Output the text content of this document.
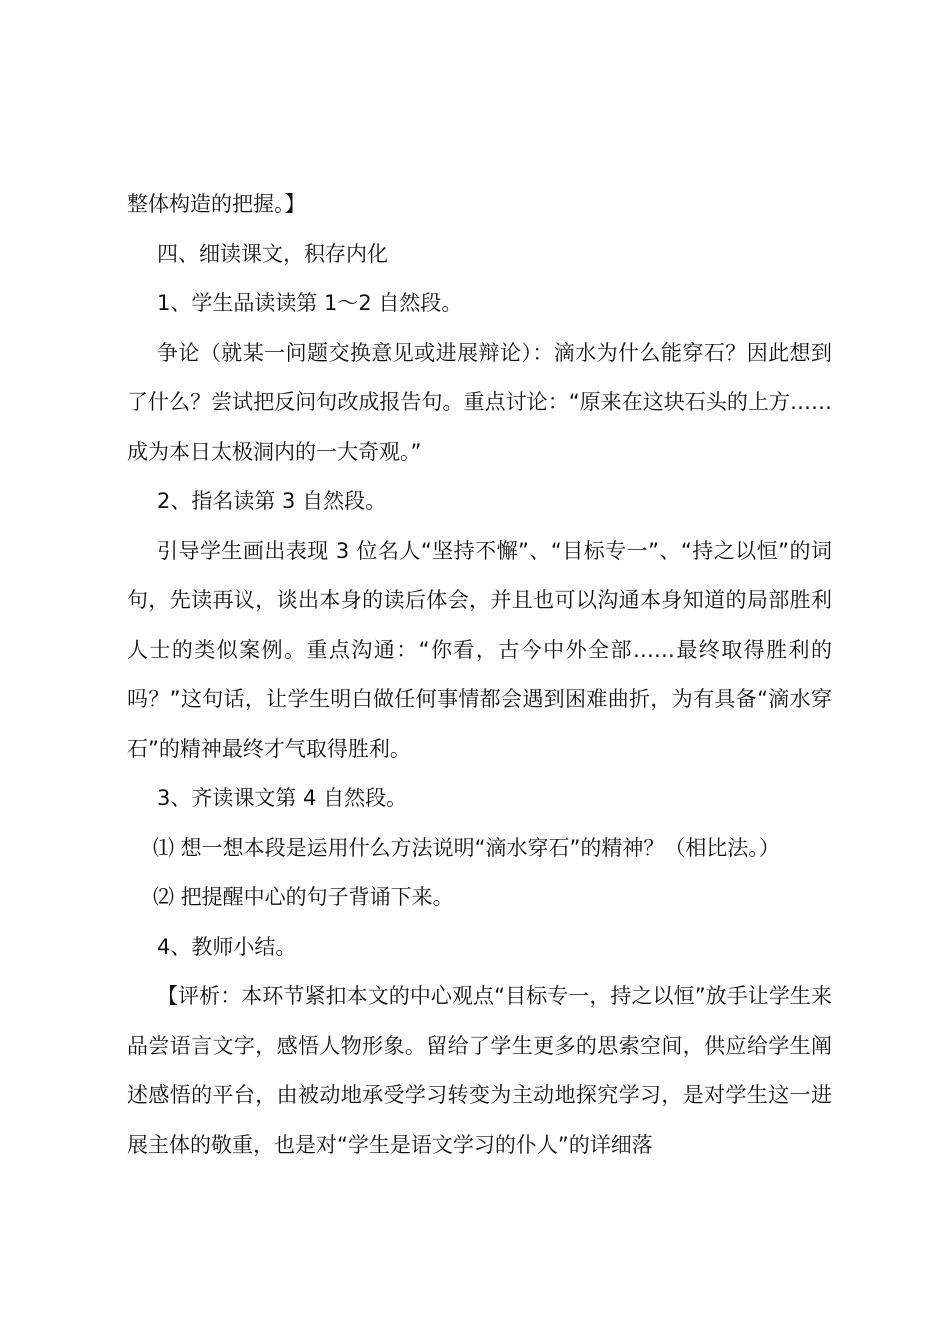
整体构造的把握。】

四、细读课文，积存内化

1、学生品读读第 1～2 自然段。

争论（就某一问题交换意见或进展辩论）：滴水为什么能穿石？因此想到了什么？尝试把反问句改成报告句。重点讨论：“原来在这块石头的上方……成为本日太极洞内的一大奇观。”

2、指名读第 3 自然段。

引导学生画出表现 3 位名人“坚持不懈”、“目标专一”、“持之以恒”的词句，先读再议，谈出本身的读后体会，并且也可以沟通本身知道的局部胜利人士的类似案例。重点沟通：“你看，古今中外全部……最终取得胜利的吗？”这句话，让学生明白做任何事情都会遇到困难曲折，为有具备“滴水穿石”的精神最终才气取得胜利。

3、齐读课文第 4 自然段。

⑴ 想一想本段是运用什么方法说明“滴水穿石”的精神？（相比法。）

⑵ 把提醒中心的句子背诵下来。

4、教师小结。

【评析：本环节紧扣本文的中心观点“目标专一，持之以恒”放手让学生来品尝语言文字，感悟人物形象。留给了学生更多的思索空间，供应给学生阐述感悟的平台，由被动地承受学习转变为主动地探究学习，是对学生这一进展主体的敬重，也是对“学生是语文学习的仆人”的详细落
